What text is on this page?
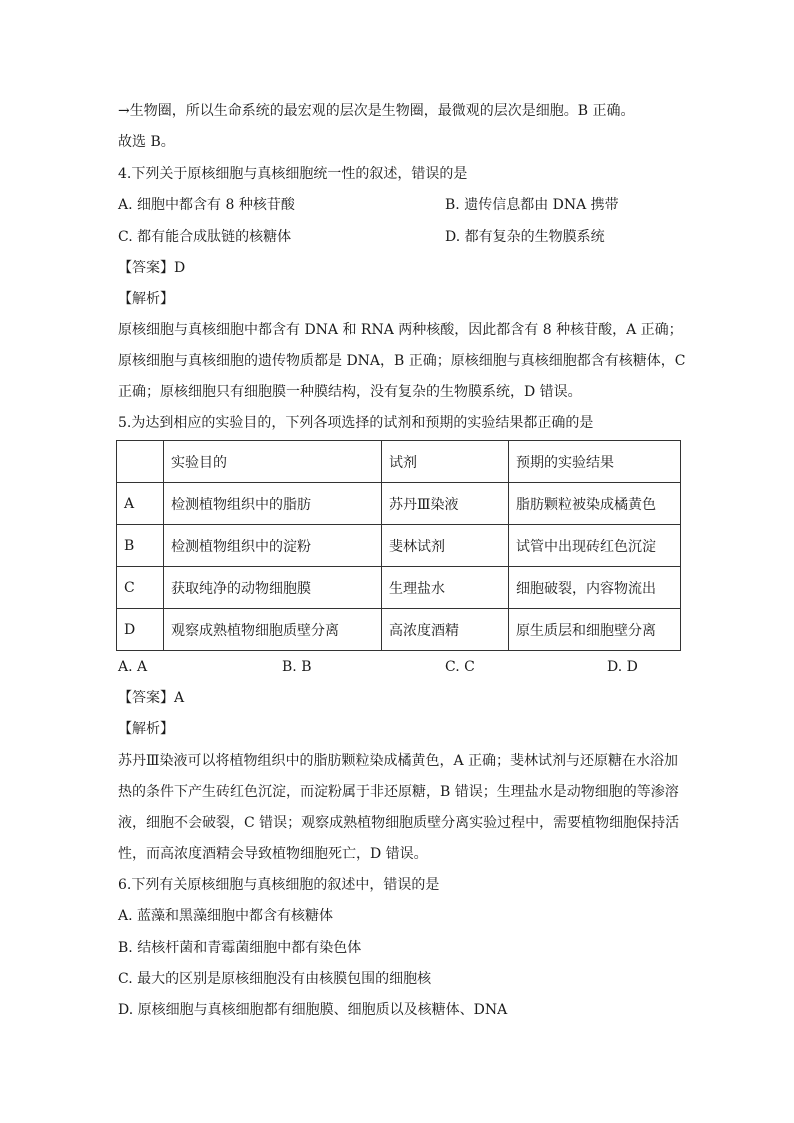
→生物圈，所以生命系统的最宏观的层次是生物圈，最微观的层次是细胞。B 正确。
故选 B。
4.下列关于原核细胞与真核细胞统一性的叙述，错误的是
A. 细胞中都含有 8 种核苷酸	B. 遗传信息都由 DNA 携带
C. 都有能合成肽链的核糖体	D. 都有复杂的生物膜系统
【答案】D
【解析】
原核细胞与真核细胞中都含有 DNA 和 RNA 两种核酸，因此都含有 8 种核苷酸，A 正确；
原核细胞与真核细胞的遗传物质都是 DNA，B 正确；原核细胞与真核细胞都含有核糖体，C
正确；原核细胞只有细胞膜一种膜结构，没有复杂的生物膜系统，D 错误。
5.为达到相应的实验目的，下列各项选择的试剂和预期的实验结果都正确的是
	实验目的	试剂	预期的实验结果
A	检测植物组织中的脂肪	苏丹Ⅲ染液	脂肪颗粒被染成橘黄色
B	检测植物组织中的淀粉	斐林试剂	试管中出现砖红色沉淀
C	获取纯净的动物细胞膜	生理盐水	细胞破裂，内容物流出
D	观察成熟植物细胞质壁分离	高浓度酒精	原生质层和细胞壁分离
A. A	B. B	C. C	D. D
【答案】A
【解析】
苏丹Ⅲ染液可以将植物组织中的脂肪颗粒染成橘黄色，A 正确；斐林试剂与还原糖在水浴加
热的条件下产生砖红色沉淀，而淀粉属于非还原糖，B 错误；生理盐水是动物细胞的等渗溶
液，细胞不会破裂，C 错误；观察成熟植物细胞质壁分离实验过程中，需要植物细胞保持活
性，而高浓度酒精会导致植物细胞死亡，D 错误。
6.下列有关原核细胞与真核细胞的叙述中，错误的是
A. 蓝藻和黑藻细胞中都含有核糖体
B. 结核杆菌和青霉菌细胞中都有染色体
C. 最大的区别是原核细胞没有由核膜包围的细胞核
D. 原核细胞与真核细胞都有细胞膜、细胞质以及核糖体、DNA
